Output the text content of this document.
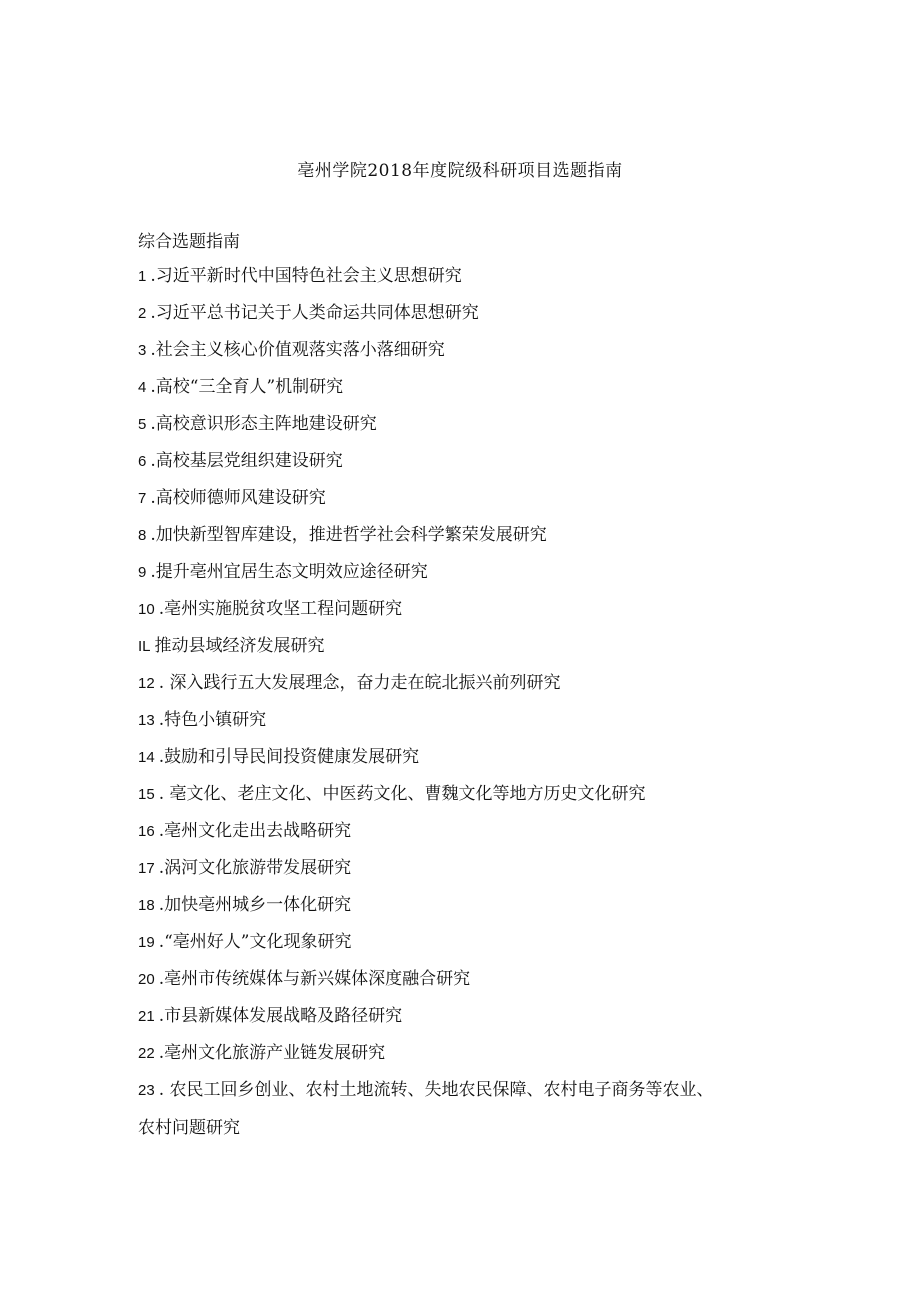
亳州学院2018年度院级科研项目选题指南
综合选题指南
1 .习近平新时代中国特色社会主义思想研究
2 .习近平总书记关于人类命运共同体思想研究
3 .社会主义核心价值观落实落小落细研究
4 .高校“三全育人”机制研究
5 .高校意识形态主阵地建设研究
6 .高校基层党组织建设研究
7 .高校师德师风建设研究
8 .加快新型智库建设，推进哲学社会科学繁荣发展研究
9 .提升亳州宜居生态文明效应途径研究
10 .亳州实施脱贫攻坚工程问题研究
IL 推动县域经济发展研究
12 . 深入践行五大发展理念，奋力走在皖北振兴前列研究
13 .特色小镇研究
14 .鼓励和引导民间投资健康发展研究
15 . 亳文化、老庄文化、中医药文化、曹魏文化等地方历史文化研究
16 .亳州文化走出去战略研究
17 .涡河文化旅游带发展研究
18 .加快亳州城乡一体化研究
19 .“亳州好人”文化现象研究
20 .亳州市传统媒体与新兴媒体深度融合研究
21 .市县新媒体发展战略及路径研究
22 .亳州文化旅游产业链发展研究
23 . 农民工回乡创业、农村土地流转、失地农民保障、农村电子商务等农业、
农村问题研究
